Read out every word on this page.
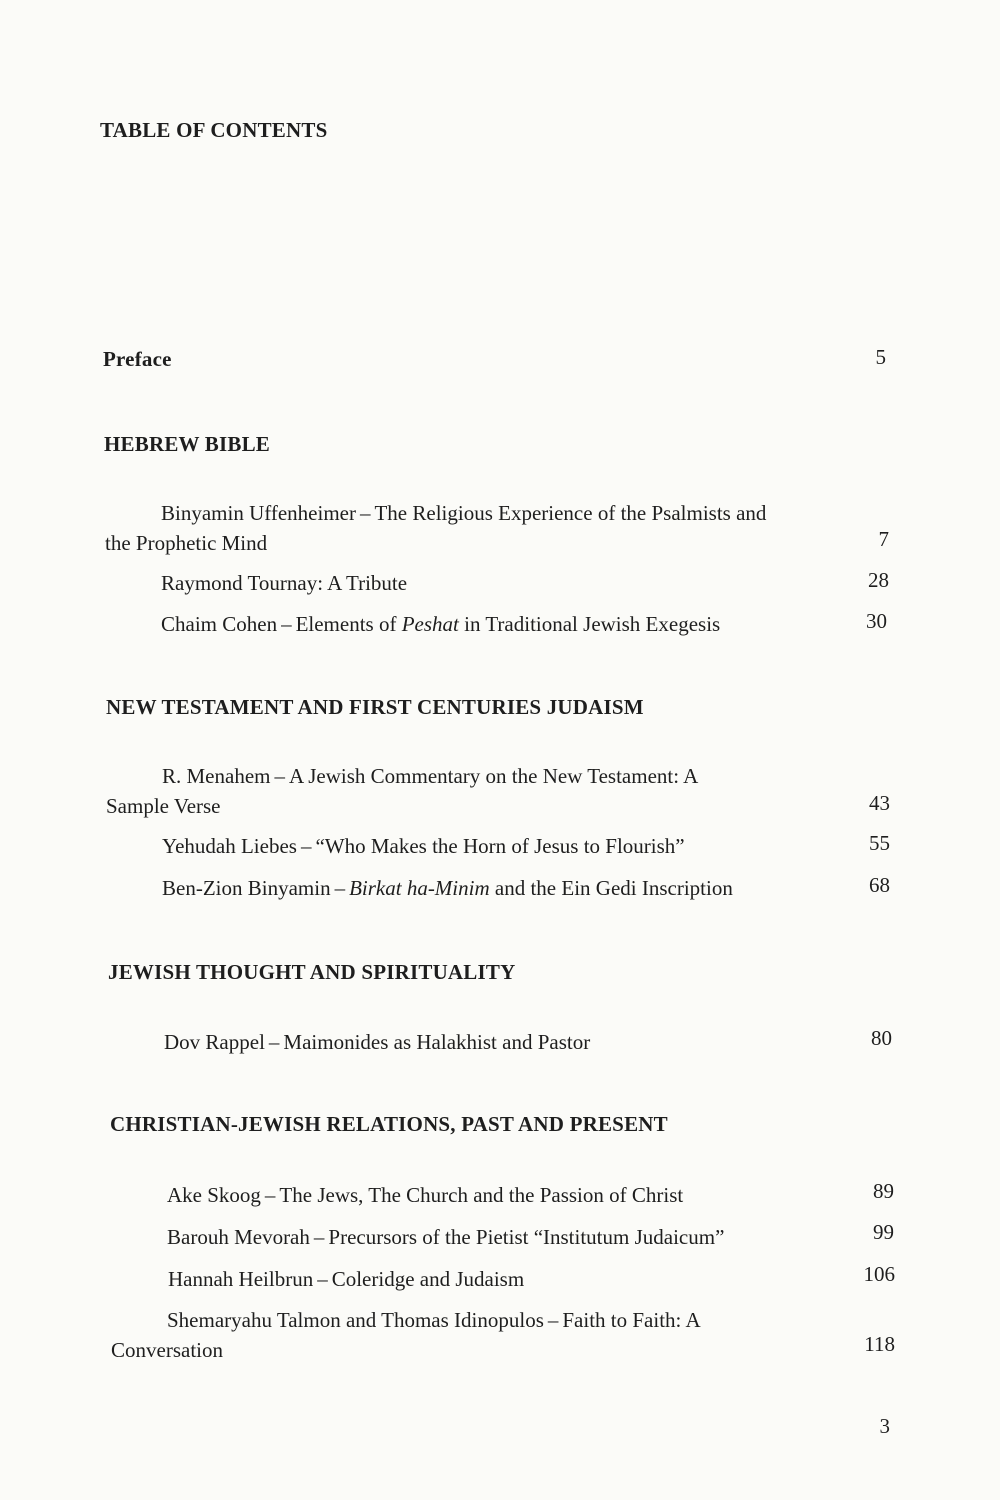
TABLE OF CONTENTS
Preface	5
HEBREW BIBLE
Binyamin Uffenheimer – The Religious Experience of the Psalmists and
the Prophetic Mind	7
Raymond Tournay: A Tribute	28
Chaim Cohen – Elements of Peshat in Traditional Jewish Exegesis	30
NEW TESTAMENT AND FIRST CENTURIES JUDAISM
R. Menahem – A Jewish Commentary on the New Testament: A
Sample Verse	43
Yehudah Liebes – “Who Makes the Horn of Jesus to Flourish”	55
Ben-Zion Binyamin – Birkat ha-Minim and the Ein Gedi Inscription	68
JEWISH THOUGHT AND SPIRITUALITY
Dov Rappel – Maimonides as Halakhist and Pastor	80
CHRISTIAN-JEWISH RELATIONS, PAST AND PRESENT
Ake Skoog – The Jews, The Church and the Passion of Christ	89
Barouh Mevorah – Precursors of the Pietist “Institutum Judaicum”	99
Hannah Heilbrun – Coleridge and Judaism	106
Shemaryahu Talmon and Thomas Idinopulos – Faith to Faith: A
Conversation	118
3
